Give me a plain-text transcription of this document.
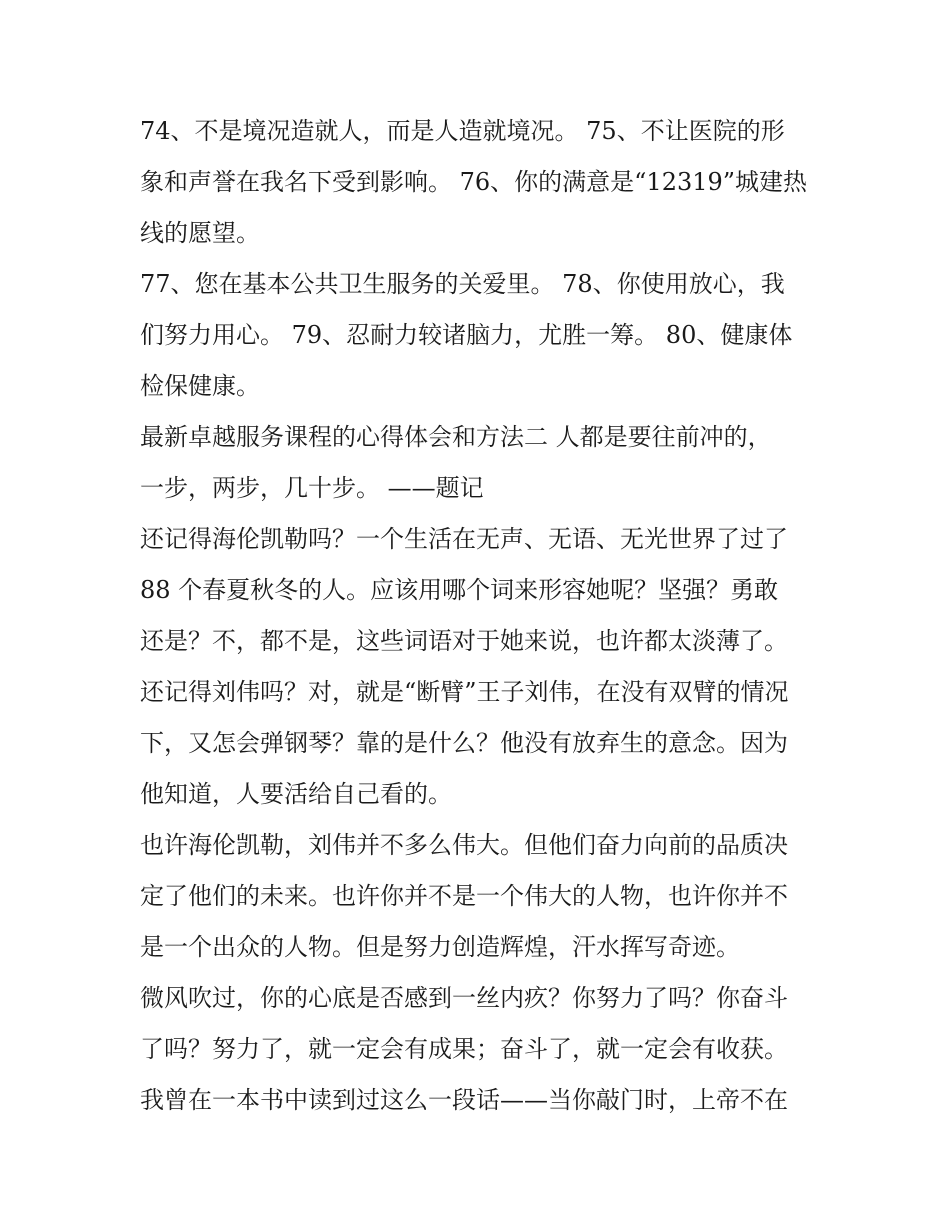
74、不是境况造就人，而是人造就境况。 75、不让医院的形
象和声誉在我名下受到影响。 76、你的满意是“12319”城建热
线的愿望。
77、您在基本公共卫生服务的关爱里。 78、你使用放心，我
们努力用心。 79、忍耐力较诸脑力，尤胜一筹。 80、健康体
检保健康。
最新卓越服务课程的心得体会和方法二 人都是要往前冲的，
一步，两步，几十步。 ——题记
还记得海伦凯勒吗？一个生活在无声、无语、无光世界了过了
88 个春夏秋冬的人。应该用哪个词来形容她呢？坚强？勇敢
还是？不，都不是，这些词语对于她来说，也许都太淡薄了。
还记得刘伟吗？对，就是“断臂”王子刘伟，在没有双臂的情况
下，又怎会弹钢琴？靠的是什么？他没有放弃生的意念。因为
他知道，人要活给自己看的。
也许海伦凯勒，刘伟并不多么伟大。但他们奋力向前的品质决
定了他们的未来。也许你并不是一个伟大的人物，也许你并不
是一个出众的人物。但是努力创造辉煌，汗水挥写奇迹。
微风吹过，你的心底是否感到一丝内疚？你努力了吗？你奋斗
了吗？努力了，就一定会有成果；奋斗了，就一定会有收获。
我曾在一本书中读到过这么一段话——当你敲门时，上帝不在
